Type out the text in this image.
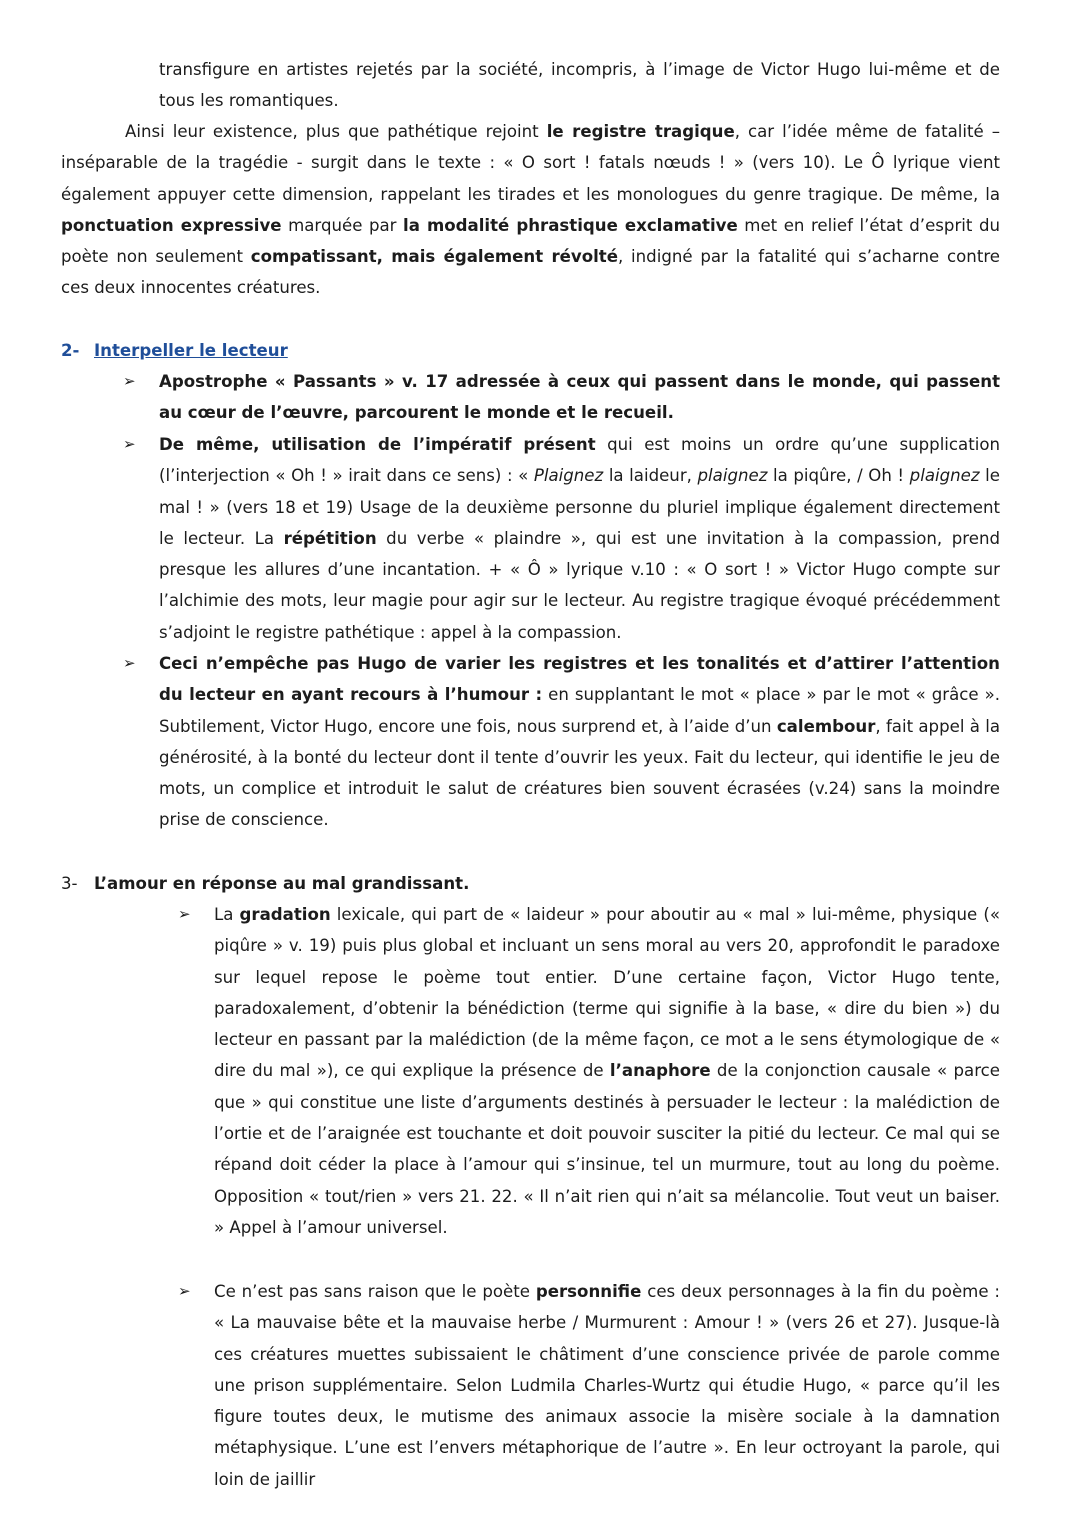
transfigure en artistes rejetés par la société, incompris, à l’image de Victor Hugo lui-même et de tous les romantiques.

Ainsi leur existence, plus que pathétique rejoint le registre tragique, car l’idée même de fatalité – inséparable de la tragédie - surgit dans le texte : « O sort ! fatals nœuds ! » (vers 10). Le Ô lyrique vient également appuyer cette dimension, rappelant les tirades et les monologues du genre tragique. De même, la ponctuation expressive marquée par la modalité phrastique exclamative met en relief l’état d’esprit du poète non seulement compatissant, mais également révolté, indigné par la fatalité qui s’acharne contre ces deux innocentes créatures.

2- Interpeller le lecteur
➢ Apostrophe « Passants » v. 17 adressée à ceux qui passent dans le monde, qui passent au cœur de l’œuvre, parcourent le monde et le recueil.

➢ De même, utilisation de l’impératif présent qui est moins un ordre qu’une supplication (l’interjection « Oh ! » irait dans ce sens) : « Plaignez la laideur, plaignez la piqûre, / Oh ! plaignez le mal ! » (vers 18 et 19) Usage de la deuxième personne du pluriel implique également directement le lecteur. La répétition du verbe « plaindre », qui est une invitation à la compassion, prend presque les allures d’une incantation. + « Ô » lyrique v.10 : « O sort ! » Victor Hugo compte sur l’alchimie des mots, leur magie pour agir sur le lecteur. Au registre tragique évoqué précédemment s’adjoint le registre pathétique : appel à la compassion.

➢ Ceci n’empêche pas Hugo de varier les registres et les tonalités et d’attirer l’attention du lecteur en ayant recours à l’humour : en supplantant le mot « place » par le mot « grâce ». Subtilement, Victor Hugo, encore une fois, nous surprend et, à l’aide d’un calembour, fait appel à la générosité, à la bonté du lecteur dont il tente d’ouvrir les yeux. Fait du lecteur, qui identifie le jeu de mots, un complice et introduit le salut de créatures bien souvent écrasées (v.24) sans la moindre prise de conscience.

3- L’amour en réponse au mal grandissant.
➢ La gradation lexicale, qui part de « laideur » pour aboutir au « mal » lui-même, physique (« piqûre » v. 19) puis plus global et incluant un sens moral au vers 20, approfondit le paradoxe sur lequel repose le poème tout entier. D’une certaine façon, Victor Hugo tente, paradoxalement, d’obtenir la bénédiction (terme qui signifie à la base, « dire du bien ») du lecteur en passant par la malédiction (de la même façon, ce mot a le sens étymologique de « dire du mal »), ce qui explique la présence de l’anaphore de la conjonction causale « parce que » qui constitue une liste d’arguments destinés à persuader le lecteur : la malédiction de l’ortie et de l’araignée est touchante et doit pouvoir susciter la pitié du lecteur. Ce mal qui se répand doit céder la place à l’amour qui s’insinue, tel un murmure, tout au long du poème. Opposition « tout/rien » vers 21. 22. « Il n’ait rien qui n’ait sa mélancolie. Tout veut un baiser. » Appel à l’amour universel.

➢ Ce n’est pas sans raison que le poète personnifie ces deux personnages à la fin du poème : « La mauvaise bête et la mauvaise herbe / Murmurent : Amour ! » (vers 26 et 27). Jusque-là ces créatures muettes subissaient le châtiment d’une conscience privée de parole comme une prison supplémentaire. Selon Ludmila Charles-Wurtz qui étudie Hugo, « parce qu’il les figure toutes deux, le mutisme des animaux associe la misère sociale à la damnation métaphysique. L’une est l’envers métaphorique de l’autre ». En leur octroyant la parole, qui loin de jaillir
